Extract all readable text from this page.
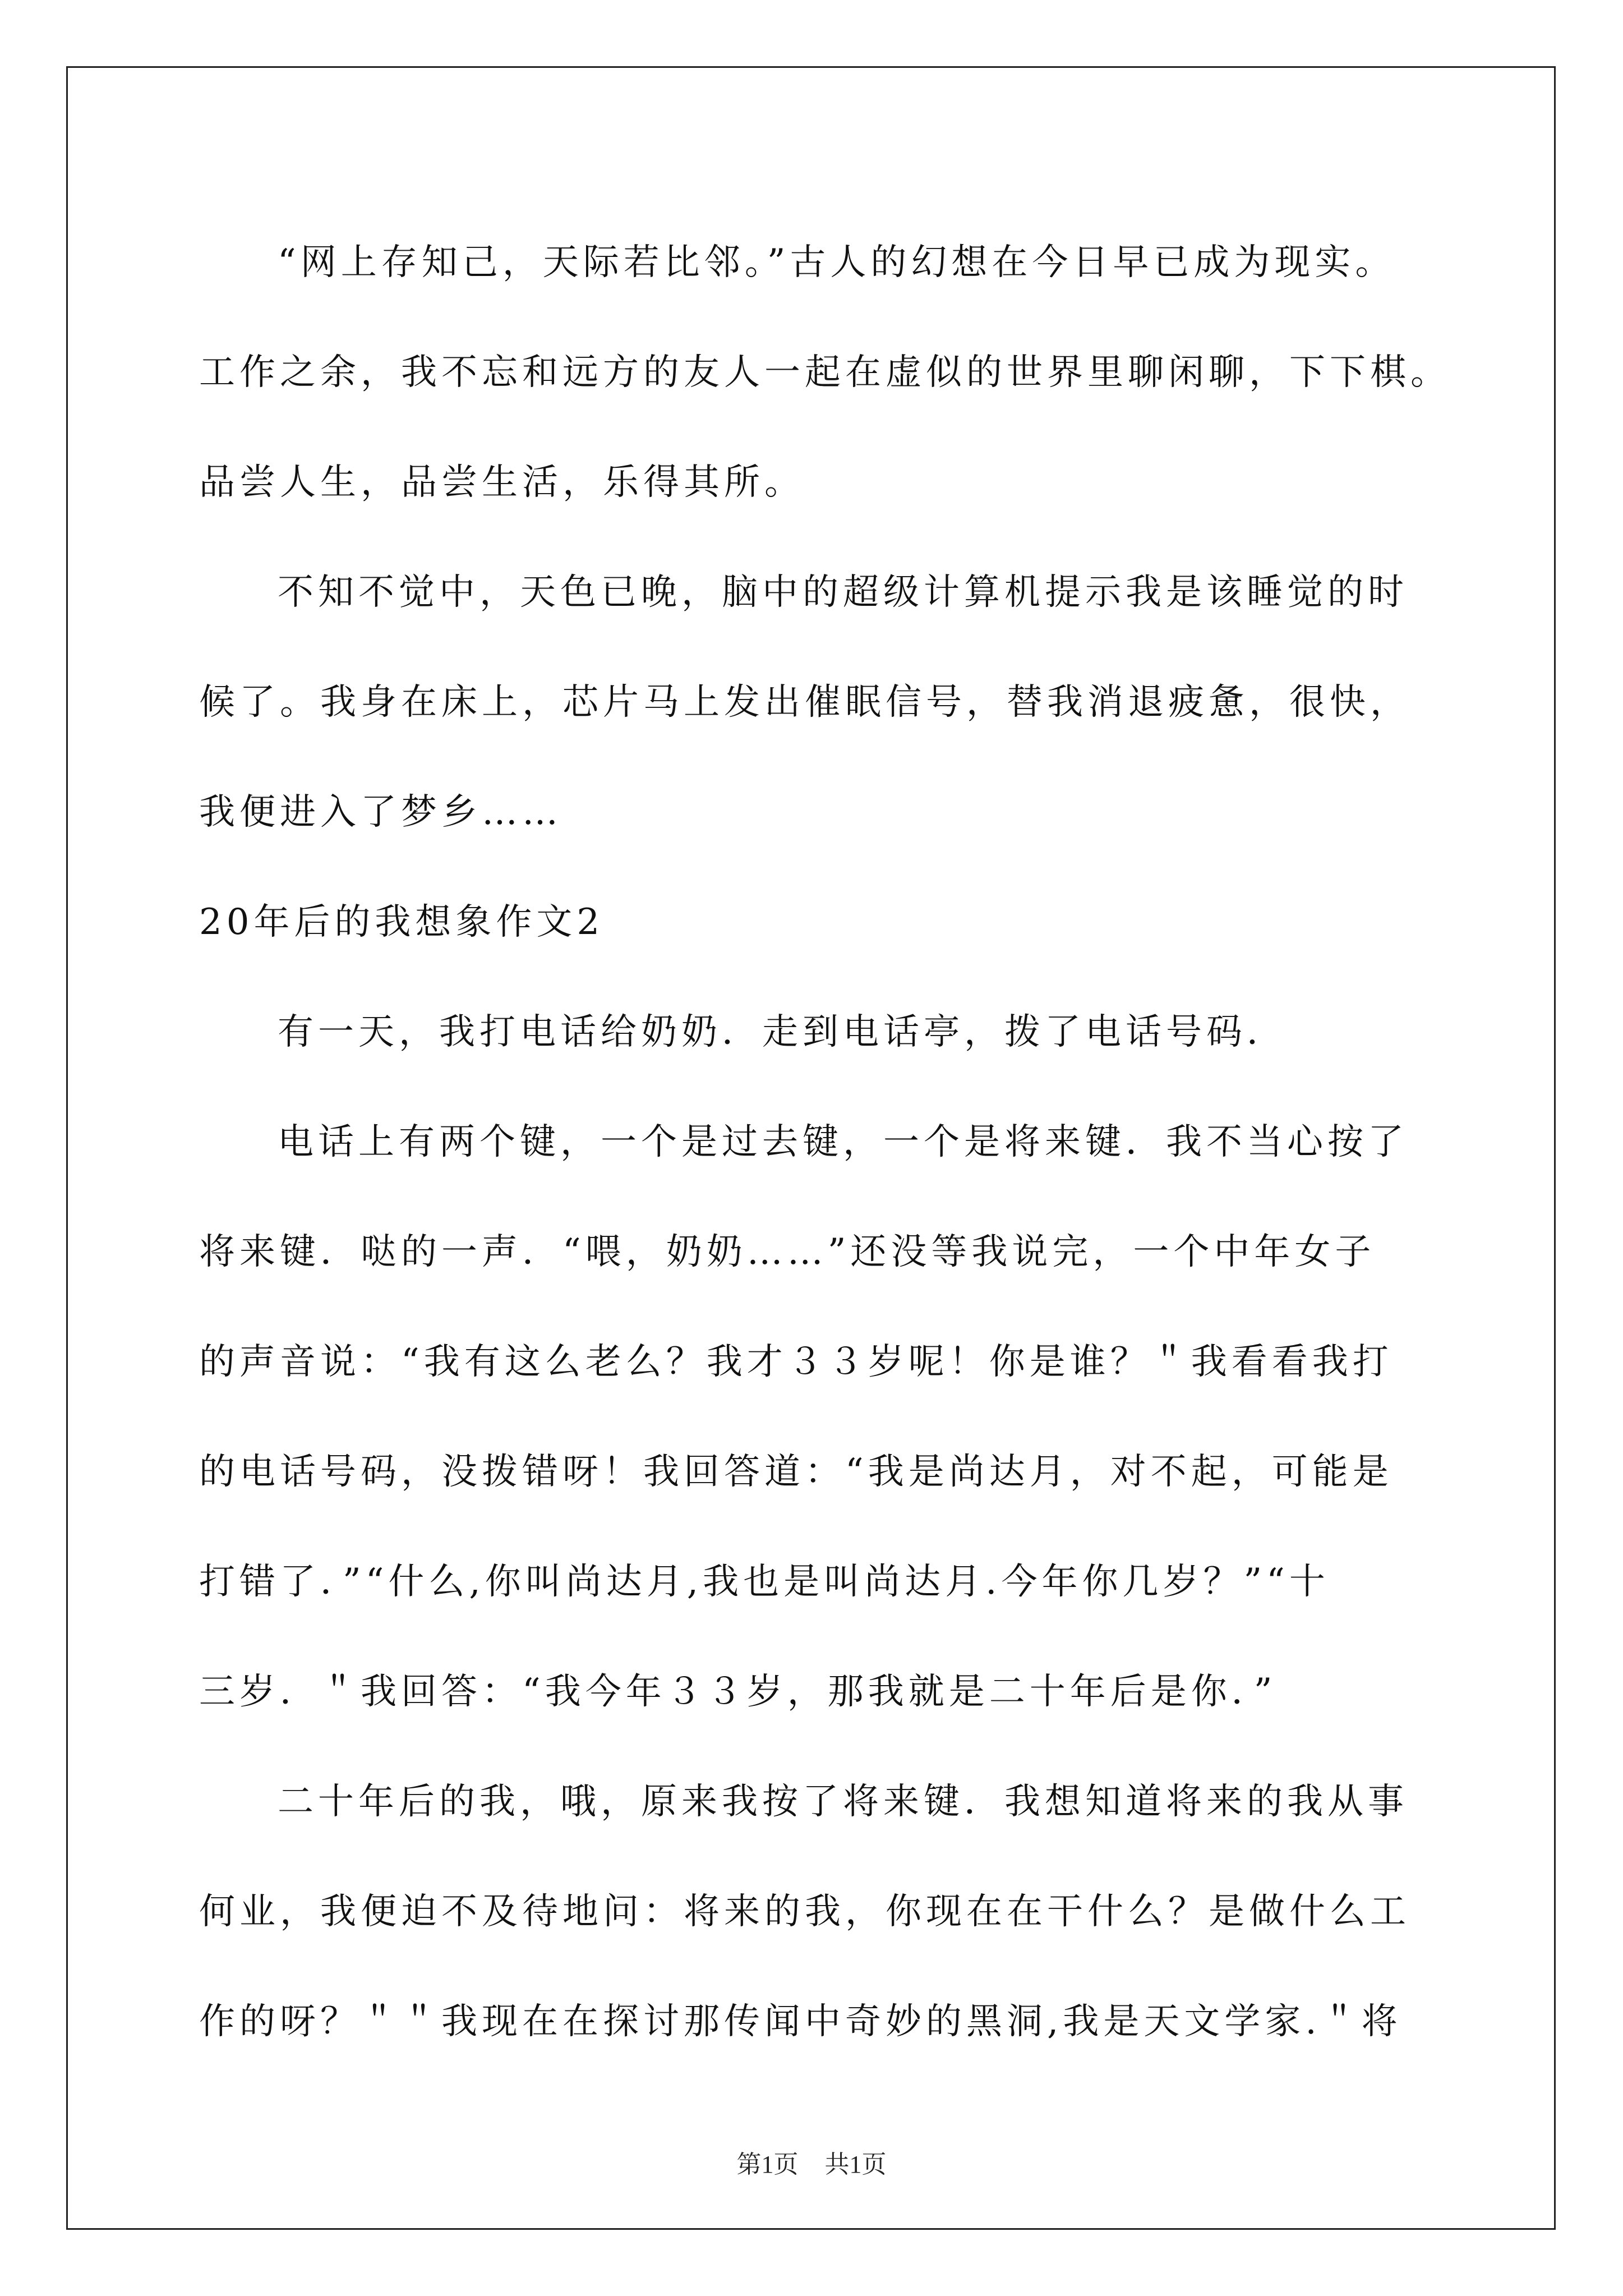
“网上存知己，天际若比邻。”古人的幻想在今日早已成为现实。
工作之余，我不忘和远方的友人一起在虚似的世界里聊闲聊，下下棋。
品尝人生，品尝生活，乐得其所。
不知不觉中，天色已晚，脑中的超级计算机提示我是该睡觉的时
候了。我身在床上，芯片马上发出催眠信号，替我消退疲惫，很快，
我便进入了梦乡……
20年后的我想象作文2
有一天，我打电话给奶奶．走到电话亭，拨了电话号码．
电话上有两个键，一个是过去键，一个是将来键．我不当心按了
将来键．哒的一声．“喂，奶奶……”还没等我说完，一个中年女子
的声音说：“我有这么老么？我才３３岁呢！你是谁？＂我看看我打
的电话号码，没拨错呀！我回答道：“我是尚达月，对不起，可能是
打错了．”“什么,你叫尚达月,我也是叫尚达月.今年你几岁？”“十
三岁．＂我回答：“我今年３３岁，那我就是二十年后是你．”
二十年后的我，哦，原来我按了将来键．我想知道将来的我从事
何业，我便迫不及待地问：将来的我，你现在在干什么？是做什么工
作的呀？＂＂我现在在探讨那传闻中奇妙的黑洞,我是天文学家.＂将
第1页 共1页
